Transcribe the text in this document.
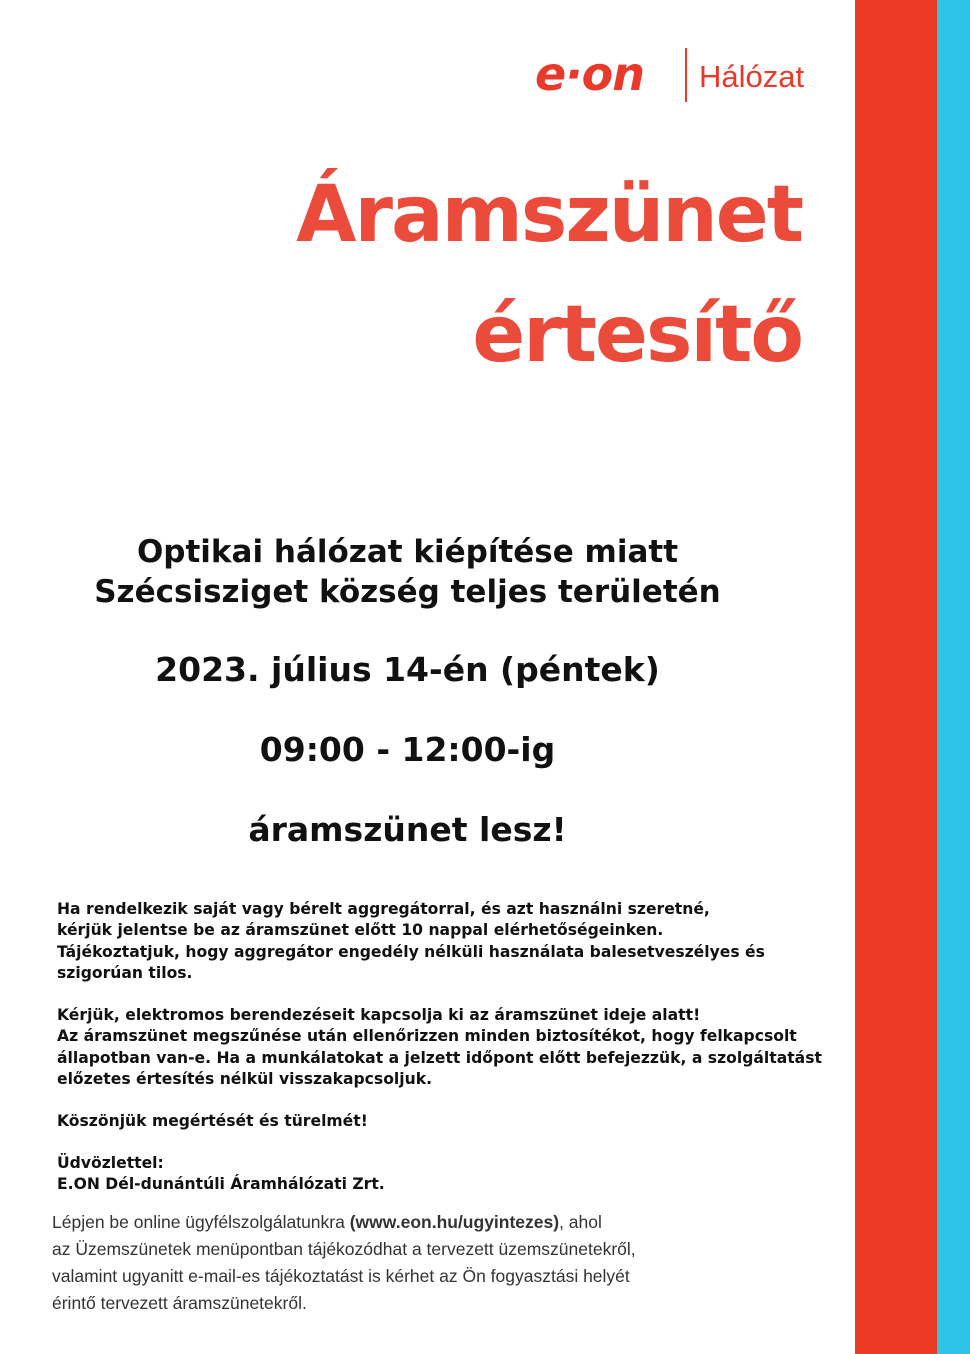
e·on Hálózat
Áramszünet
értesítő
Optikai hálózat kiépítése miatt
Szécsisziget község teljes területén
2023. július 14-én (péntek)
09:00 - 12:00-ig
áramszünet lesz!
Ha rendelkezik saját vagy bérelt aggregátorral, és azt használni szeretné,
kérjük jelentse be az áramszünet előtt 10 nappal elérhetőségeinken.
Tájékoztatjuk, hogy aggregátor engedély nélküli használata balesetveszélyes és
szigorúan tilos.
Kérjük, elektromos berendezéseit kapcsolja ki az áramszünet ideje alatt!
Az áramszünet megszűnése után ellenőrizzen minden biztosítékot, hogy felkapcsolt
állapotban van-e. Ha a munkálatokat a jelzett időpont előtt befejezzük, a szolgáltatást
előzetes értesítés nélkül visszakapcsoljuk.
Köszönjük megértését és türelmét!
Üdvözlettel:
E.ON Dél-dunántúli Áramhálózati Zrt.
Lépjen be online ügyfélszolgálatunkra (www.eon.hu/ugyintezes), ahol
az Üzemszünetek menüpontban tájékozódhat a tervezett üzemszünetekről,
valamint ugyanitt e-mail-es tájékoztatást is kérhet az Ön fogyasztási helyét
érintő tervezett áramszünetekről.
